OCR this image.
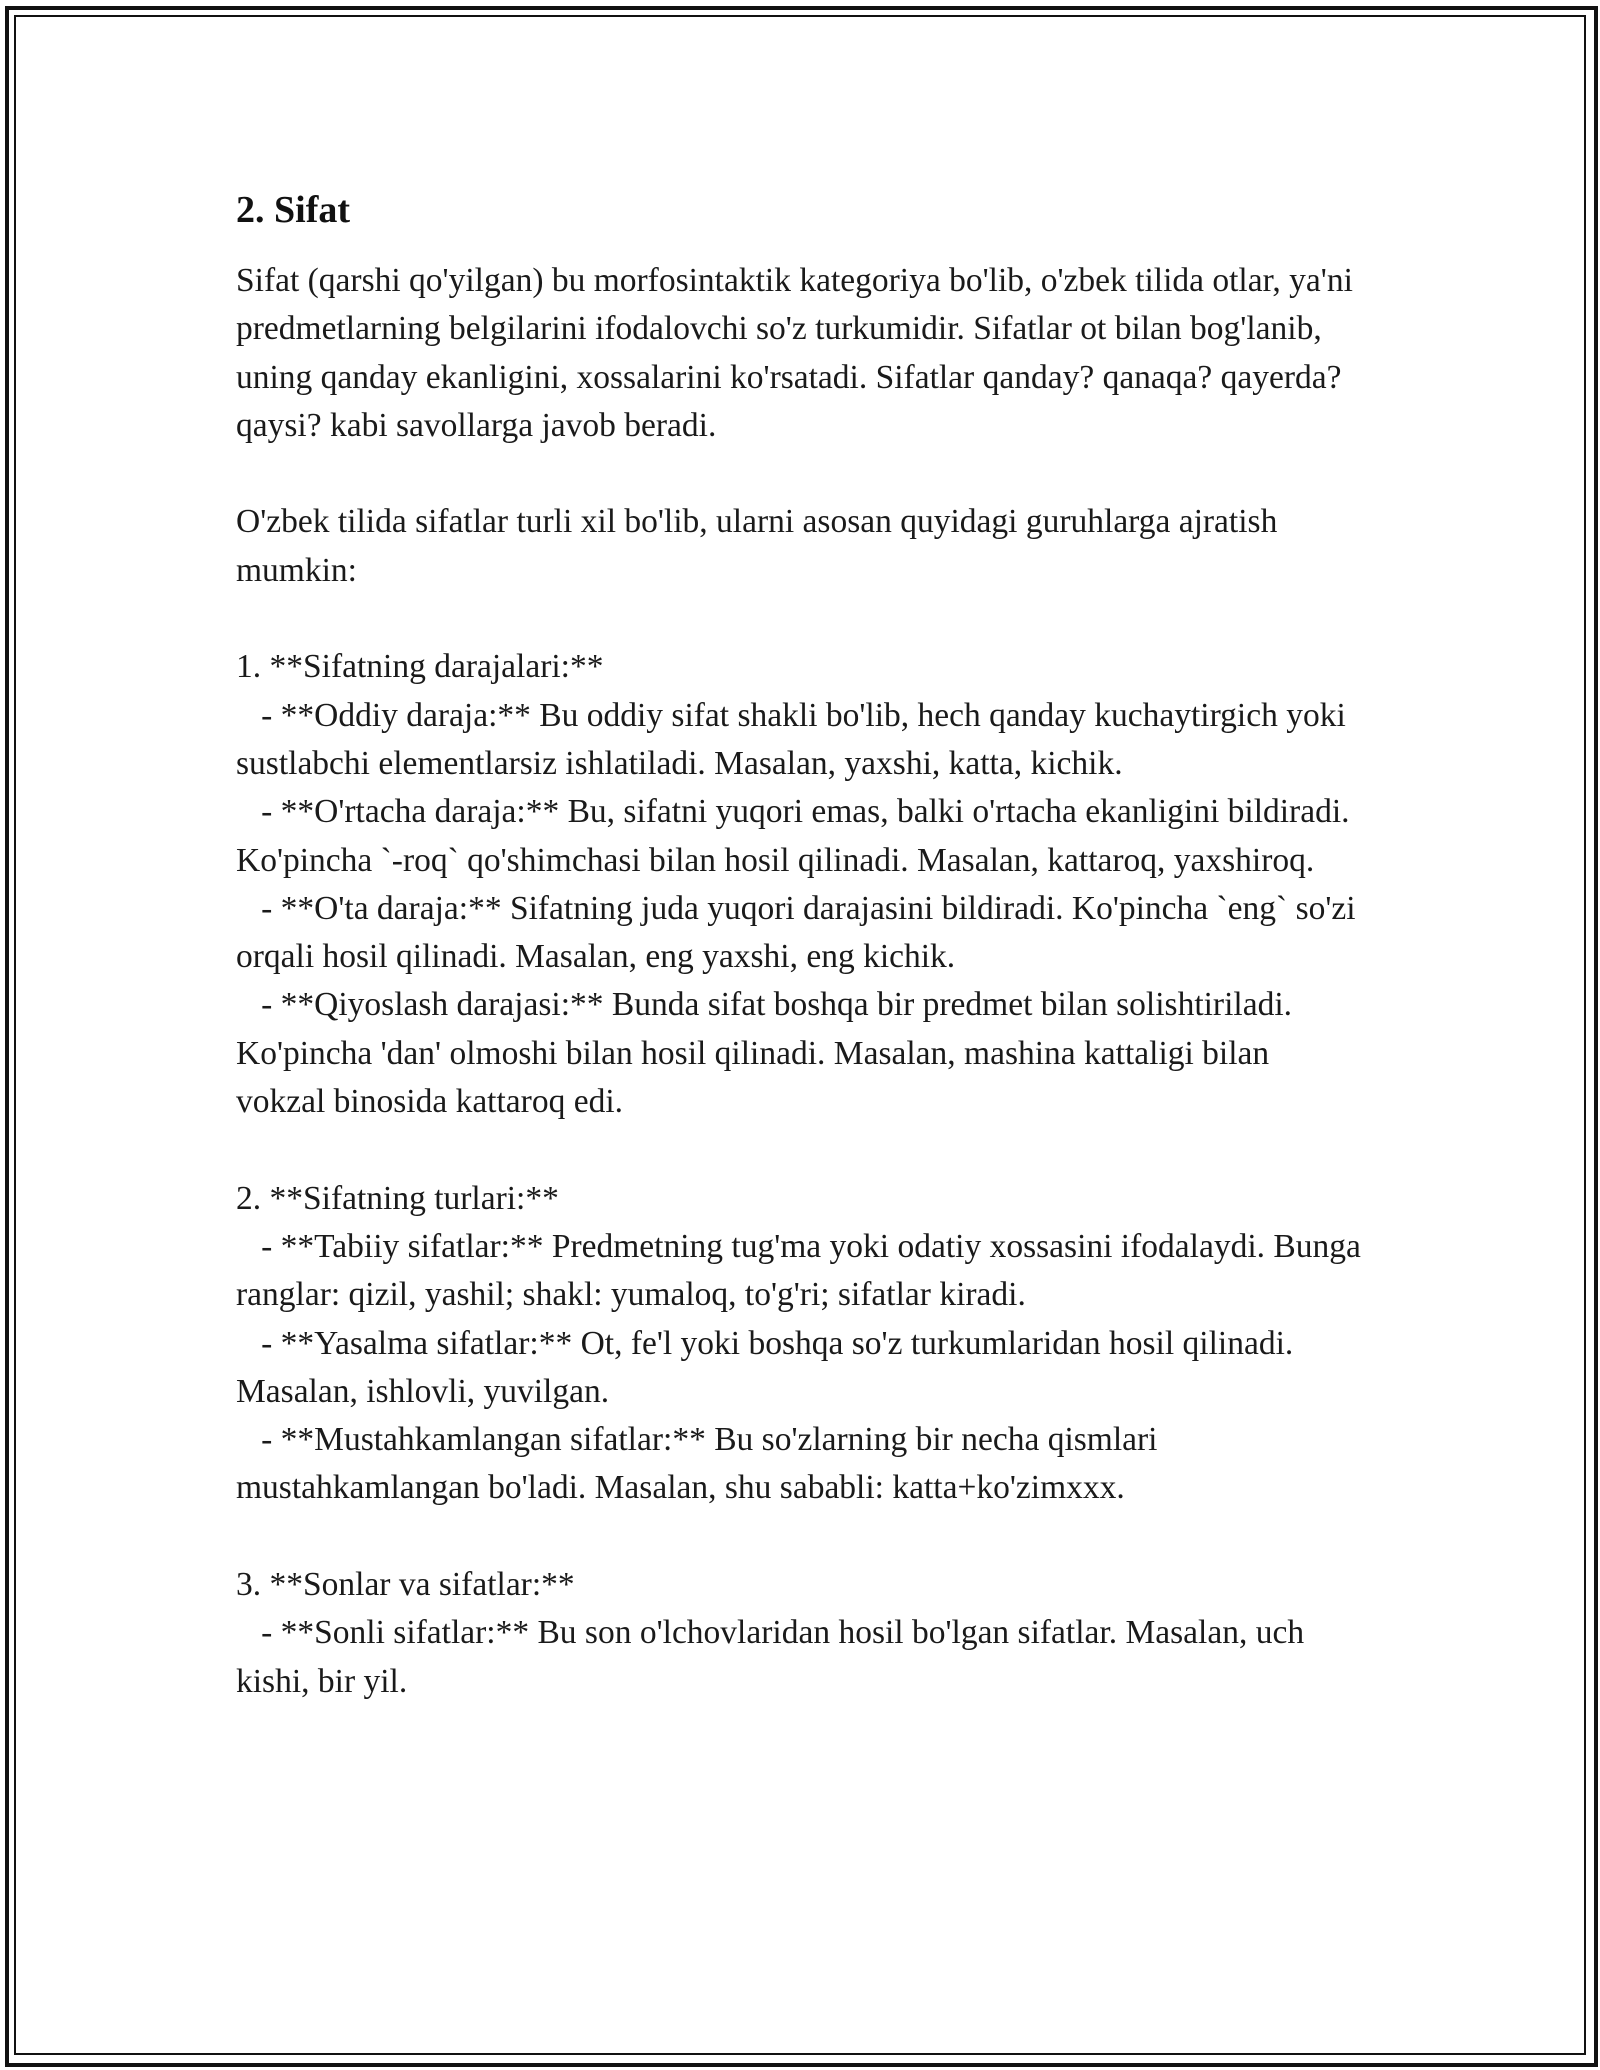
2. Sifat

Sifat (qarshi qo'yilgan) bu morfosintaktik kategoriya bo'lib, o'zbek tilida otlar, ya'ni predmetlarning belgilarini ifodalovchi so'z turkumidir. Sifatlar ot bilan bog'lanib, uning qanday ekanligini, xossalarini ko'rsatadi. Sifatlar qanday? qanaqa? qayerda? qaysi? kabi savollarga javob beradi.

O'zbek tilida sifatlar turli xil bo'lib, ularni asosan quyidagi guruhlarga ajratish mumkin:

1. **Sifatning darajalari:**

- **Oddiy daraja:** Bu oddiy sifat shakli bo'lib, hech qanday kuchaytirgich yoki sustlabchi elementlarsiz ishlatiladi. Masalan, yaxshi, katta, kichik.

- **O'rtacha daraja:** Bu, sifatni yuqori emas, balki o'rtacha ekanligini bildiradi. Ko'pincha `-roq` qo'shimchasi bilan hosil qilinadi. Masalan, kattaroq, yaxshiroq.

- **O'ta daraja:** Sifatning juda yuqori darajasini bildiradi. Ko'pincha `eng` so'zi orqali hosil qilinadi. Masalan, eng yaxshi, eng kichik.

- **Qiyoslash darajasi:** Bunda sifat boshqa bir predmet bilan solishtiriladi. Ko'pincha 'dan' olmoshi bilan hosil qilinadi. Masalan, mashina kattaligi bilan vokzal binosida kattaroq edi.

2. **Sifatning turlari:**

- **Tabiiy sifatlar:** Predmetning tug'ma yoki odatiy xossasini ifodalaydi. Bunga ranglar: qizil, yashil; shakl: yumaloq, to'g'ri; sifatlar kiradi.

- **Yasalma sifatlar:** Ot, fe'l yoki boshqa so'z turkumlaridan hosil qilinadi. Masalan, ishlovli, yuvilgan.

- **Mustahkamlangan sifatlar:** Bu so'zlarning bir necha qismlari mustahkamlangan bo'ladi. Masalan, shu sababli: katta+ko'zimxxx.

3. **Sonlar va sifatlar:**

- **Sonli sifatlar:** Bu son o'lchovlaridan hosil bo'lgan sifatlar. Masalan, uch kishi, bir yil.
